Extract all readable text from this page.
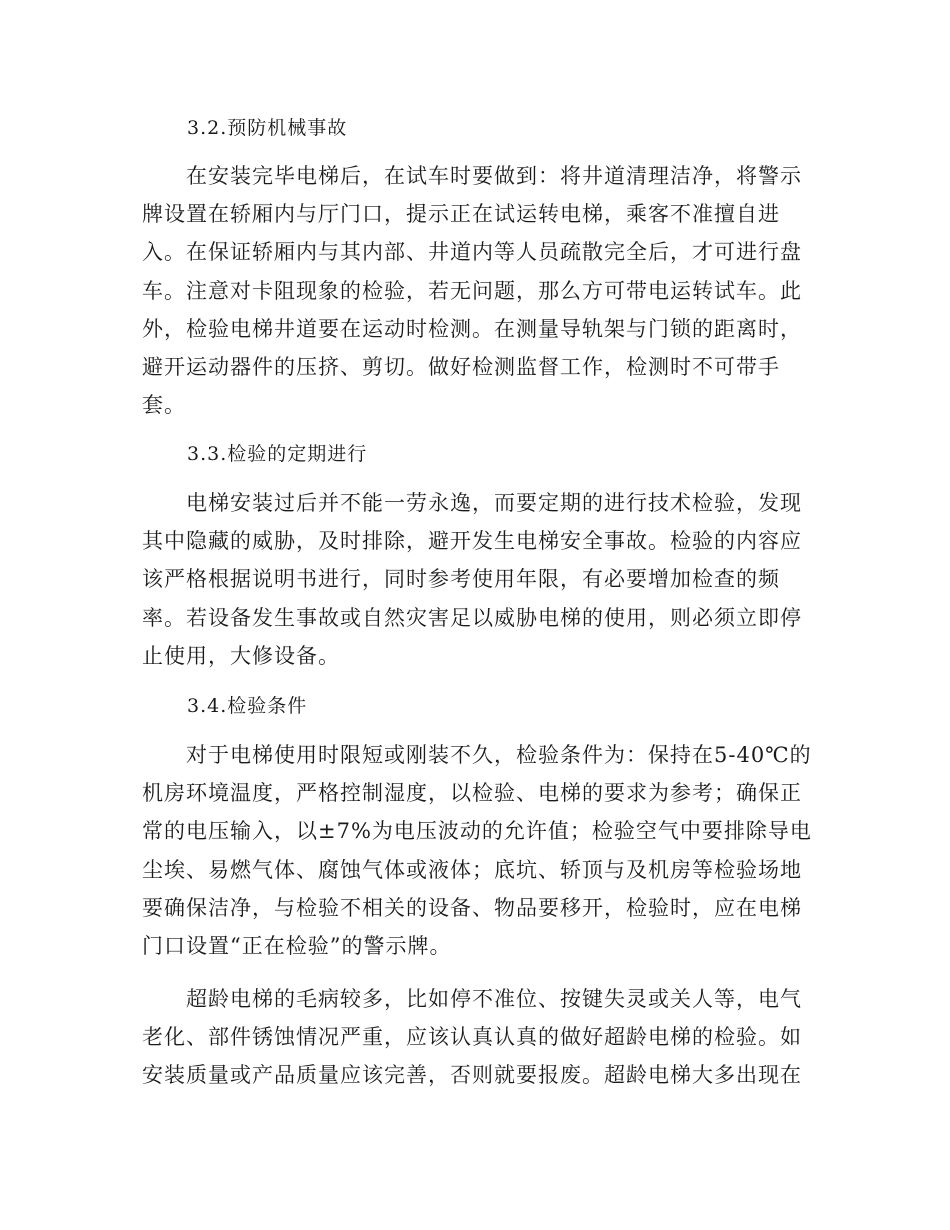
3.2.预防机械事故
在安装完毕电梯后，在试车时要做到：将井道清理洁净，将警示
牌设置在轿厢内与厅门口，提示正在试运转电梯，乘客不准擅自进
入。在保证轿厢内与其内部、井道内等人员疏散完全后，才可进行盘
车。注意对卡阻现象的检验，若无问题，那么方可带电运转试车。此
外，检验电梯井道要在运动时检测。在测量导轨架与门锁的距离时，
避开运动器件的压挤、剪切。做好检测监督工作，检测时不可带手
套。
3.3.检验的定期进行
电梯安装过后并不能一劳永逸，而要定期的进行技术检验，发现
其中隐藏的威胁，及时排除，避开发生电梯安全事故。检验的内容应
该严格根据说明书进行，同时参考使用年限，有必要增加检查的频
率。若设备发生事故或自然灾害足以威胁电梯的使用，则必须立即停
止使用，大修设备。
3.4.检验条件
对于电梯使用时限短或刚装不久，检验条件为：保持在5-40℃的
机房环境温度，严格控制湿度，以检验、电梯的要求为参考；确保正
常的电压输入，以±7%为电压波动的允许值；检验空气中要排除导电
尘埃、易燃气体、腐蚀气体或液体；底坑、轿顶与及机房等检验场地
要确保洁净，与检验不相关的设备、物品要移开，检验时，应在电梯
门口设置“正在检验”的警示牌。
超龄电梯的毛病较多，比如停不准位、按键失灵或关人等，电气
老化、部件锈蚀情况严重，应该认真认真的做好超龄电梯的检验。如
安装质量或产品质量应该完善，否则就要报废。超龄电梯大多出现在
